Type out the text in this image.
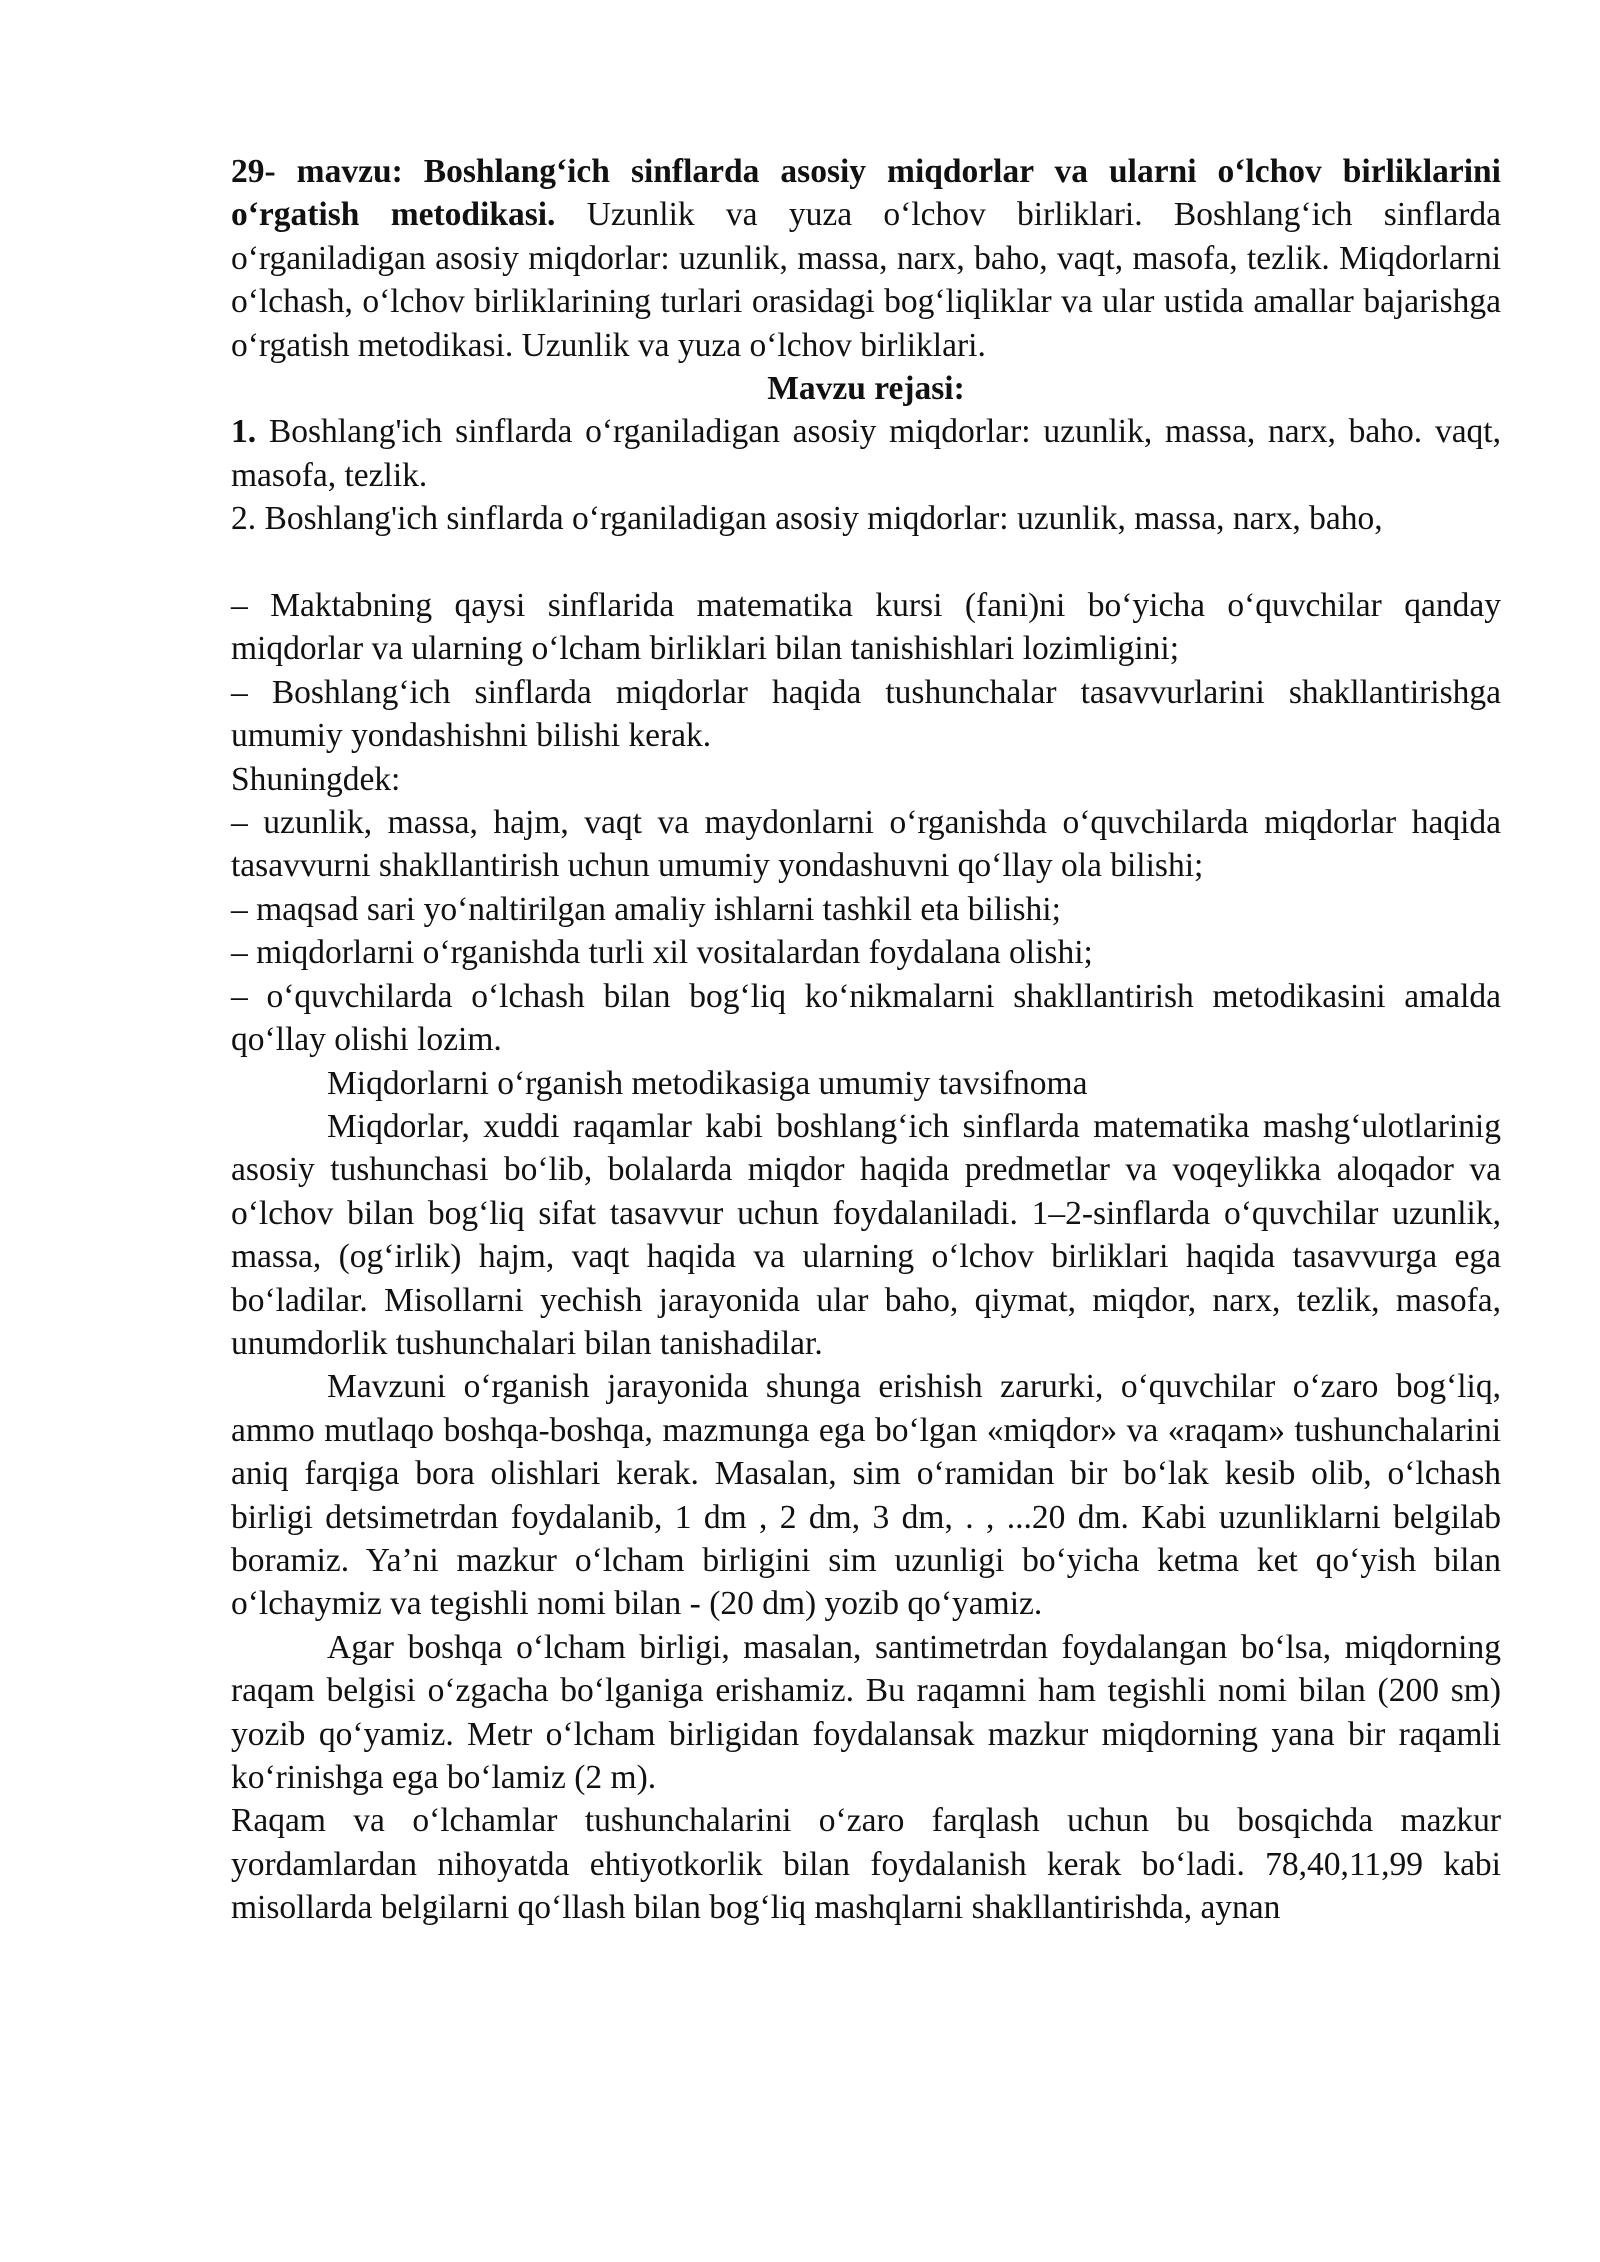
29- mavzu: Boshlang‘ich sinflarda asosiy miqdorlar va ularni o‘lchov birliklarini o‘rgatish metodikasi. Uzunlik va yuza o‘lchov birliklari. Boshlang‘ich sinflarda o‘rganiladigan asosiy miqdorlar: uzunlik, massa, narx, baho, vaqt, masofa, tezlik. Miqdorlarni o‘lchash, o‘lchov birliklarining turlari orasidagi bog‘liqliklar va ular ustida amallar bajarishga o‘rgatish metodikasi. Uzunlik va yuza o‘lchov birliklari.

Mavzu rejasi:

1. Boshlang'ich sinflarda o‘rganiladigan asosiy miqdorlar: uzunlik, massa, narx, baho. vaqt, masofa, tezlik.

2. Boshlang'ich sinflarda o‘rganiladigan asosiy miqdorlar: uzunlik, massa, narx, baho,

– Maktabning qaysi sinflarida matematika kursi (fani)ni bo‘yicha o‘quvchilar qanday miqdorlar va ularning o‘lcham birliklari bilan tanishishlari lozimligini;

– Boshlang‘ich sinflarda miqdorlar haqida tushunchalar tasavvurlarini shakllantirishga umumiy yondashishni bilishi kerak.

Shuningdek:

– uzunlik, massa, hajm, vaqt va maydonlarni o‘rganishda o‘quvchilarda miqdorlar haqida tasavvurni shakllantirish uchun umumiy yondashuvni qo‘llay ola bilishi;

– maqsad sari yo‘naltirilgan amaliy ishlarni tashkil eta bilishi;

– miqdorlarni o‘rganishda turli xil vositalardan foydalana olishi;

– o‘quvchilarda o‘lchash bilan bog‘liq ko‘nikmalarni shakllantirish metodikasini amalda qo‘llay olishi lozim.

Miqdorlarni o‘rganish metodikasiga umumiy tavsifnoma

Miqdorlar, xuddi raqamlar kabi boshlang‘ich sinflarda matematika mashg‘ulotlarinig asosiy tushunchasi bo‘lib, bolalarda miqdor haqida predmetlar va voqeylikka aloqador va o‘lchov bilan bog‘liq sifat tasavvur uchun foydalaniladi. 1–2-sinflarda o‘quvchilar uzunlik, massa, (og‘irlik) hajm, vaqt haqida va ularning o‘lchov birliklari haqida tasavvurga ega bo‘ladilar. Misollarni yechish jarayonida ular baho, qiymat, miqdor, narx, tezlik, masofa, unumdorlik tushunchalari bilan tanishadilar.

Mavzuni o‘rganish jarayonida shunga erishish zarurki, o‘quvchilar o‘zaro bog‘liq, ammo mutlaqo boshqa-boshqa, mazmunga ega bo‘lgan «miqdor» va «raqam» tushunchalarini aniq farqiga bora olishlari kerak. Masalan, sim o‘ramidan bir bo‘lak kesib olib, o‘lchash birligi detsimetrdan foydalanib, 1 dm , 2 dm, 3 dm, . , ...20 dm. Kabi uzunliklarni belgilab boramiz. Ya’ni mazkur o‘lcham birligini sim uzunligi bo‘yicha ketma ket qo‘yish bilan o‘lchaymiz va tegishli nomi bilan - (20 dm) yozib qo‘yamiz.

Agar boshqa o‘lcham birligi, masalan, santimetrdan foydalangan bo‘lsa, miqdorning raqam belgisi o‘zgacha bo‘lganiga erishamiz. Bu raqamni ham tegishli nomi bilan (200 sm) yozib qo‘yamiz. Metr o‘lcham birligidan foydalansak mazkur miqdorning yana bir raqamli ko‘rinishga ega bo‘lamiz (2 m).

Raqam va o‘lchamlar tushunchalarini o‘zaro farqlash uchun bu bosqichda mazkur yordamlardan nihoyatda ehtiyotkorlik bilan foydalanish kerak bo‘ladi. 78,40,11,99 kabi misollarda belgilarni qo‘llash bilan bog‘liq mashqlarni shakllantirishda, aynan
